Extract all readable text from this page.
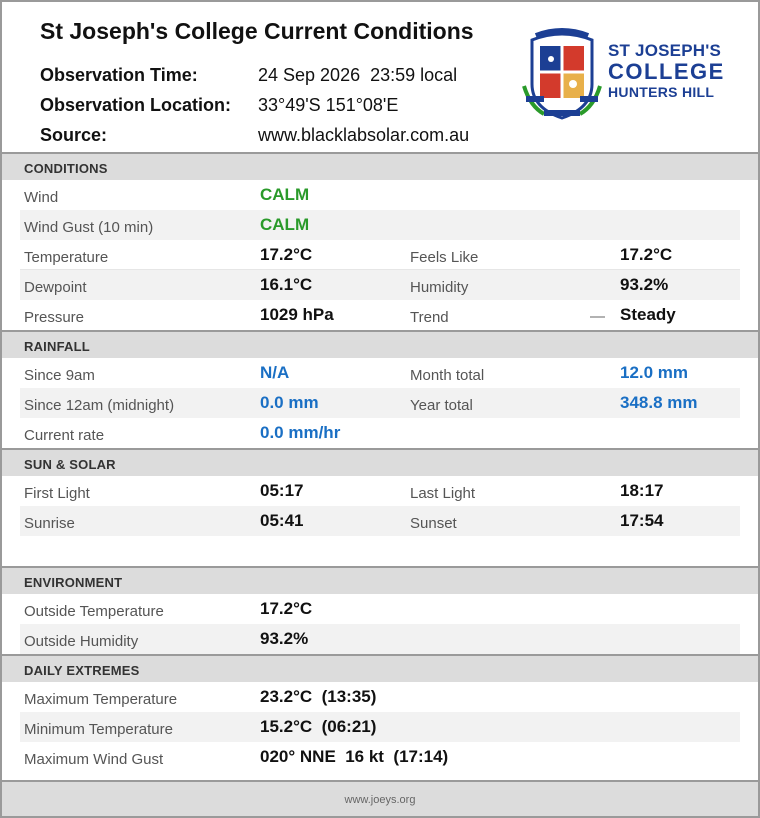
St Joseph's College Current Conditions
Observation Time:	24 Sep 2026  23:59 local
Observation Location: 33°49'S 151°08'E
Source:	www.blacklabsolar.com.au
ST JOSEPH'S
COLLEGE
HUNTERS HILL
CONDITIONS
Wind	CALM
Wind Gust (10 min)	CALM
Temperature	17.2°C	Feels Like	17.2°C
Dewpoint	16.1°C	Humidity	93.2%
Pressure	1029 hPa	Trend	— Steady
RAINFALL
Since 9am	N/A	Month total	12.0 mm
Since 12am (midnight)	0.0 mm	Year total	348.8 mm
Current rate	0.0 mm/hr
SUN & SOLAR
First Light	05:17	Last Light	18:17
Sunrise	05:41	Sunset	17:54
ENVIRONMENT
Outside Temperature	17.2°C
Outside Humidity	93.2%
DAILY EXTREMES
Maximum Temperature	23.2°C  (13:35)
Minimum Temperature	15.2°C  (06:21)
Maximum Wind Gust	020° NNE  16 kt  (17:14)
www.joeys.org
